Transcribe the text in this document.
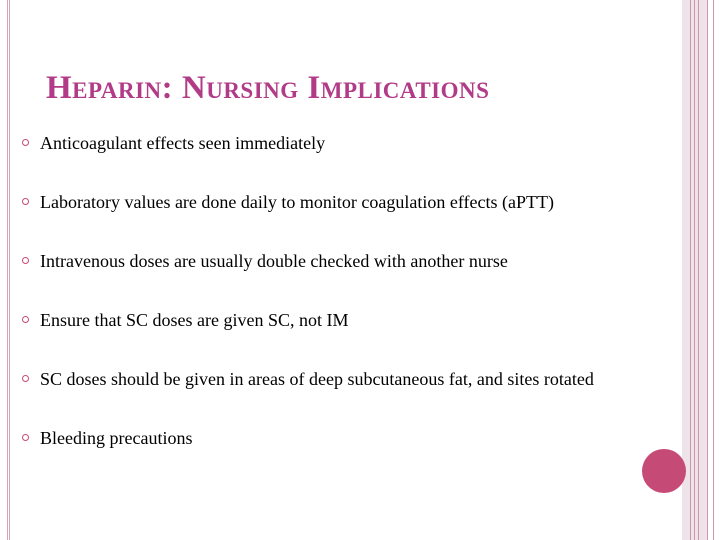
Heparin: Nursing Implications
Anticoagulant effects seen immediately
Laboratory values are done daily to monitor coagulation effects (aPTT)
Intravenous doses are usually double checked with another nurse
Ensure that SC doses are given SC, not IM
SC doses should be given in areas of deep subcutaneous fat, and sites rotated
Bleeding precautions
